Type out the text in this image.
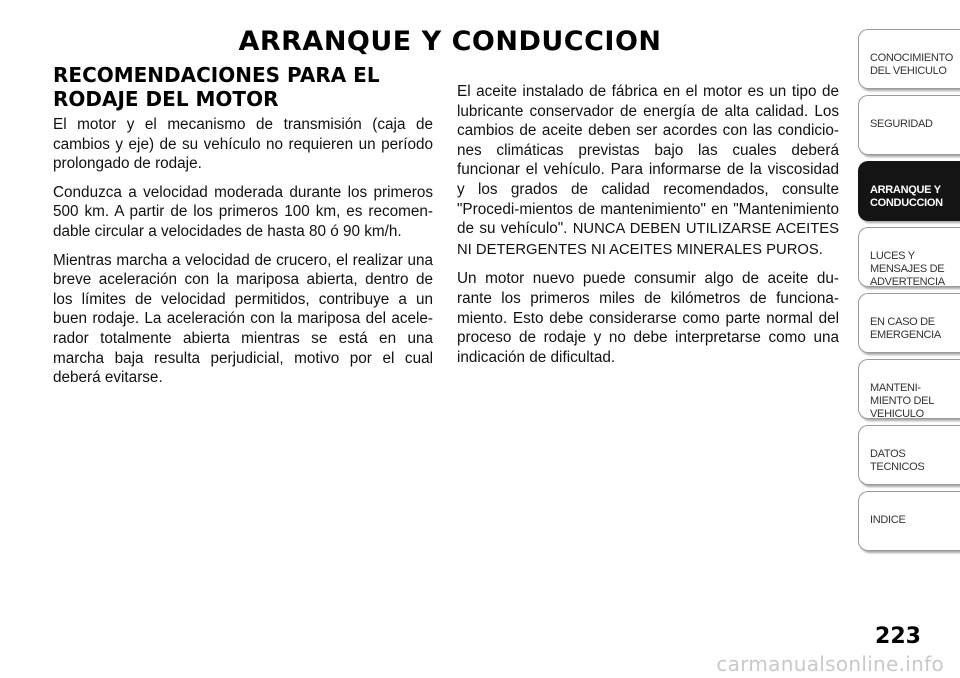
ARRANQUE Y CONDUCCION
RECOMENDACIONES PARA EL
RODAJE DEL MOTOR

El motor y el mecanismo de transmisión (caja de cambios y eje) de su vehículo no requieren un período prolongado de rodaje.

Conduzca a velocidad moderada durante los primeros 500 km. A partir de los primeros 100 km, es recomen-dable circular a velocidades de hasta 80 ó 90 km/h.

Mientras marcha a velocidad de crucero, el realizar una breve aceleración con la mariposa abierta, dentro de los límites de velocidad permitidos, contribuye a un buen rodaje. La aceleración con la mariposa del acele-rador totalmente abierta mientras se está en una marcha baja resulta perjudicial, motivo por el cual deberá evitarse.

El aceite instalado de fábrica en el motor es un tipo de lubricante conservador de energía de alta calidad. Los cambios de aceite deben ser acordes con las condicio-nes climáticas previstas bajo las cuales deberá funcionar el vehículo. Para informarse de la viscosidad y los grados de calidad recomendados, consulte "Procedi-mientos de mantenimiento" en "Mantenimiento de su vehículo". NUNCA DEBEN UTILIZARSE ACEITES NI DETERGENTES NI ACEITES MINERALES PUROS.

Un motor nuevo puede consumir algo de aceite du-rante los primeros miles de kilómetros de funciona-miento. Esto debe considerarse como parte normal del proceso de rodaje y no debe interpretarse como una indicación de dificultad.

CONOCIMIENTO
DEL VEHICULO
SEGURIDAD
ARRANQUE Y
CONDUCCION
LUCES Y
MENSAJES DE
ADVERTENCIA
EN CASO DE
EMERGENCIA
MANTENI-
MIENTO DEL
VEHICULO
DATOS
TECNICOS
INDICE
223
carmanualsonline.info
